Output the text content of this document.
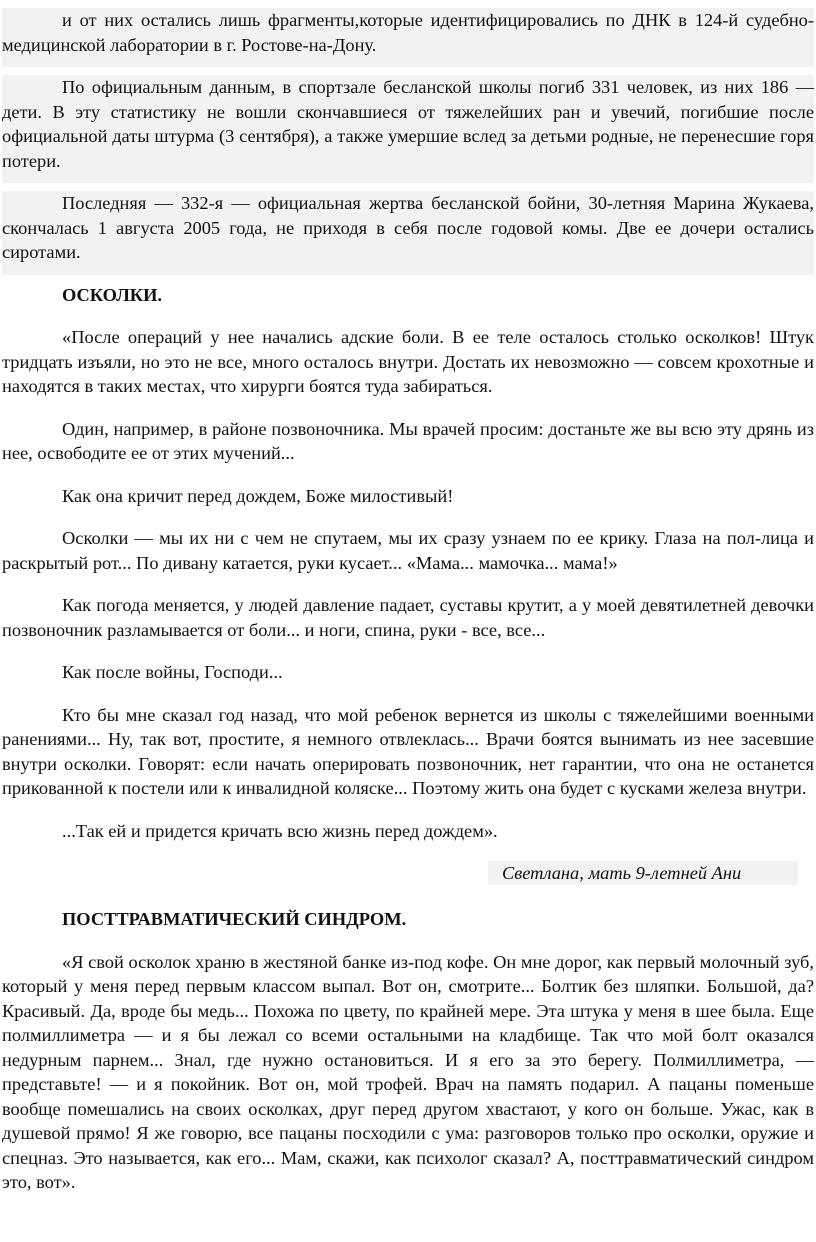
и от них остались лишь фрагменты,которые идентифицировались по ДНК в 124-й судебно-медицинской лаборатории в г. Ростове-на-Дону.

По официальным данным, в спортзале бесланской школы погиб 331 человек, из них 186 — дети. В эту статистику не вошли скончавшиеся от тяжелейших ран и увечий, погибшие после официальной даты штурма (3 сентября), а также умершие вслед за детьми родные, не перенесшие горя потери.

Последняя — 332-я — официальная жертва бесланской бойни, 30-летняя Марина Жукаева, скончалась 1 августа 2005 года, не приходя в себя после годовой комы. Две ее дочери остались сиротами.

ОСКОЛКИ.

«После операций у нее начались адские боли. В ее теле осталось столько осколков! Штук тридцать изъяли, но это не все, много осталось внутри. Достать их невозможно — совсем крохотные и находятся в таких местах, что хирурги боятся туда забираться.

Один, например, в районе позвоночника. Мы врачей просим: достаньте же вы всю эту дрянь из нее, освободите ее от этих мучений...

Как она кричит перед дождем, Боже милостивый!

Осколки — мы их ни с чем не спутаем, мы их сразу узнаем по ее крику. Глаза на пол-лица и раскрытый рот... По дивану катается, руки кусает... «Мама... мамочка... мама!»

Как погода меняется, у людей давление падает, суставы крутит, а у моей девятилетней девочки позвоночник разламывается от боли... и ноги, спина, руки - все, все...

Как после войны, Господи...

Кто бы мне сказал год назад, что мой ребенок вернется из школы с тяжелейшими военными ранениями... Ну, так вот, простите, я немного отвлеклась... Врачи боятся вынимать из нее засевшие внутри осколки. Говорят: если начать оперировать позвоночник, нет гарантии, что она не останется прикованной к постели или к инвалидной коляске... Поэтому жить она будет с кусками железа внутри.

...Так ей и придется кричать всю жизнь перед дождем».

Светлана, мать 9-летней Ани
ПОСТТРАВМАТИЧЕСКИЙ СИНДРОМ.

«Я свой осколок храню в жестяной банке из-под кофе. Он мне дорог, как первый молочный зуб, который у меня перед первым классом выпал. Вот он, смотрите... Болтик без шляпки. Большой, да? Красивый. Да, вроде бы медь... Похожа по цвету, по крайней мере. Эта штука у меня в шее была. Еще полмиллиметра — и я бы лежал со всеми остальными на кладбище. Так что мой болт оказался недурным парнем... Знал, где нужно остановиться. И я его за это берегу. Полмиллиметра, — представьте! — и я покойник. Вот он, мой трофей. Врач на память подарил. А пацаны поменьше вообще помешались на своих осколках, друг перед другом хвастают, у кого он больше. Ужас, как в душевой прямо! Я же говорю, все пацаны посходили с ума: разговоров только про осколки, оружие и спецназ. Это называется, как его... Мам, скажи, как психолог сказал? А, посттравматический синдром это, вот».
